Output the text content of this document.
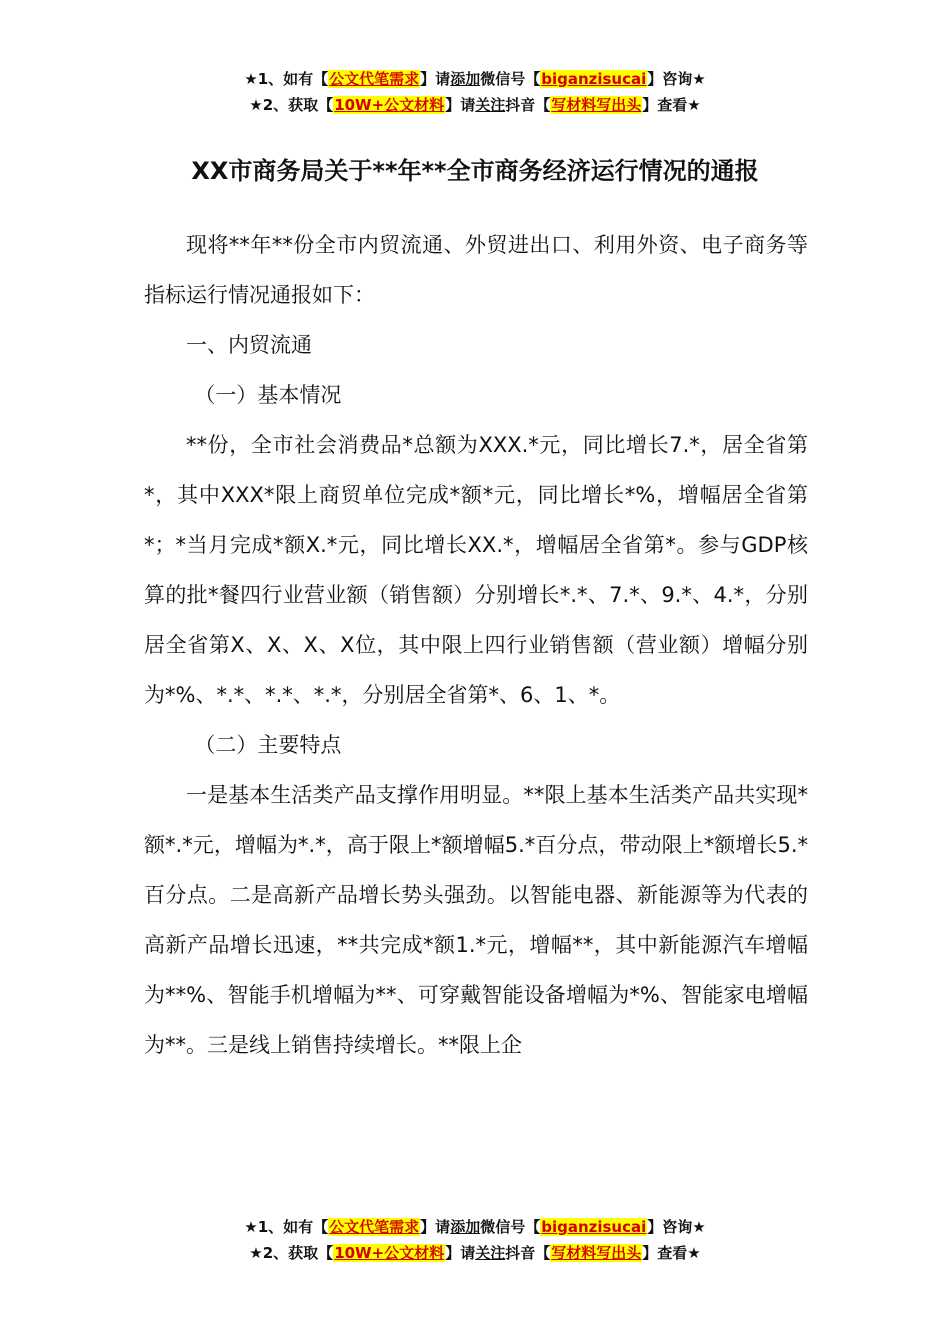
★1、如有【公文代笔需求】请添加微信号【biganzisucai】咨询★
★2、获取【10W+公文材料】请关注抖音【写材料写出头】查看★
XX市商务局关于**年**全市商务经济运行情况的通报

现将**年**份全市内贸流通、外贸进出口、利用外资、电子商务等指标运行情况通报如下：

一、内贸流通

（一）基本情况

**份，全市社会消费品*总额为XXX.*元，同比增长7.*，居全省第*，其中XXX*限上商贸单位完成*额*元，同比增长*%，增幅居全省第*；*当月完成*额X.*元，同比增长XX.*，增幅居全省第*。参与GDP核算的批*餐四行业营业额（销售额）分别增长*.*、7.*、9.*、4.*，分别居全省第X、X、X、X位，其中限上四行业销售额（营业额）增幅分别为*%、*.*、*.*、*.*，分别居全省第*、6、1、*。

（二）主要特点

一是基本生活类产品支撑作用明显。**限上基本生活类产品共实现*额*.*元，增幅为*.*，高于限上*额增幅5.*百分点，带动限上*额增长5.*百分点。二是高新产品增长势头强劲。以智能电器、新能源等为代表的高新产品增长迅速，**共完成*额1.*元，增幅**，其中新能源汽车增幅为**%、智能手机增幅为**、可穿戴智能设备增幅为*%、智能家电增幅为**。三是线上销售持续增长。**限上企

★1、如有【公文代笔需求】请添加微信号【biganzisucai】咨询★
★2、获取【10W+公文材料】请关注抖音【写材料写出头】查看★
